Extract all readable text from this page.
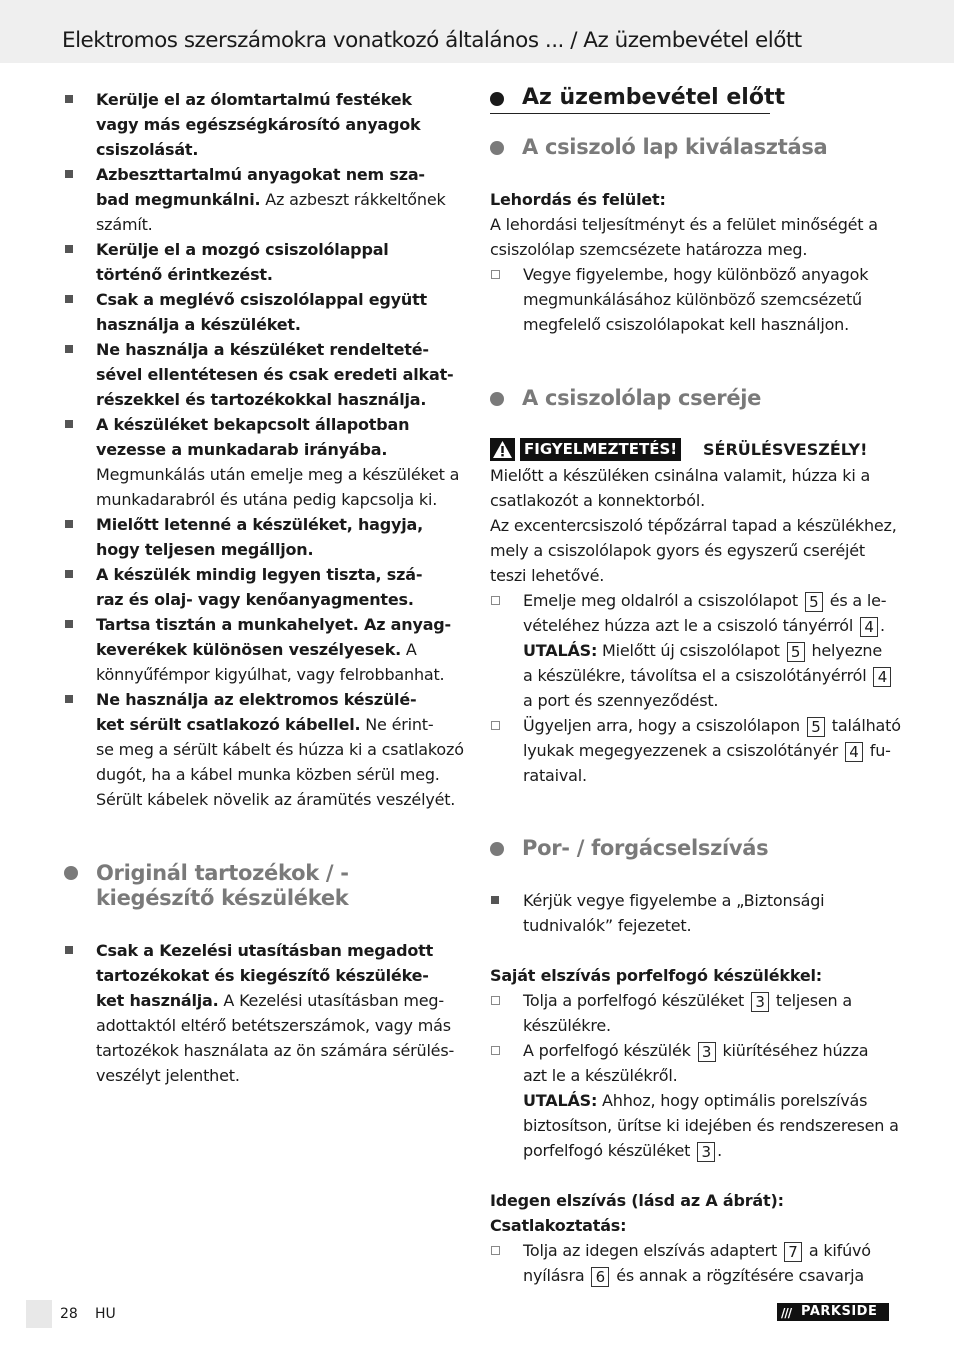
Elektromos szerszámokra vonatkozó általános ... / Az üzembevétel előtt
Kerülje el az ólomtartalmú festékek
vagy más egészségkárosító anyagok
csiszolását.
Azbeszttartalmú anyagokat nem sza-
bad megmunkálni. Az azbeszt rákkeltőnek
számít.
Kerülje el a mozgó csiszolólappal
történő érintkezést.
Csak a meglévő csiszolólappal együtt
használja a készüléket.
Ne használja a készüléket rendelteté-
sével ellentétesen és csak eredeti alkat-
részekkel és tartozékokkal használja.
A készüléket bekapcsolt állapotban
vezesse a munkadarab irányába.
Megmunkálás után emelje meg a készüléket a
munkadarabról és utána pedig kapcsolja ki.
Mielőtt letenné a készüléket, hagyja,
hogy teljesen megálljon.
A készülék mindig legyen tiszta, szá-
raz és olaj- vagy kenőanyagmentes.
Tartsa tisztán a munkahelyet. Az anyag-
keverékek különösen veszélyesek. A
könnyűfémpor kigyúlhat, vagy felrobbanhat.
Ne használja az elektromos készülé-
ket sérült csatlakozó kábellel. Ne érint-
se meg a sérült kábelt és húzza ki a csatlakozó
dugót, ha a kábel munka közben sérül meg.
Sérült kábelek növelik az áramütés veszélyét.
Csak a Kezelési utasításban megadott
tartozékokat és kiegészítő készüléke-
ket használja. A Kezelési utasításban meg-
adottaktól eltérő betétszerszámok, vagy más
tartozékok használata az ön számára sérülés-
veszélyt jelenthet.
Originál tartozékok / -
kiegészítő készülékek
Az üzembevétel előtt
A csiszoló lap kiválasztása
Lehordás és felület:
A lehordási teljesítményt és a felület minőségét a
csiszolólap szemcsézete határozza meg.
Vegye figyelembe, hogy különböző anyagok
megmunkálásához különböző szemcsézetű
megfelelő csiszolólapokat kell használjon.
A csiszolólap cseréje
FIGYELMEZTETÉS! SÉRÜLÉSVESZÉLY!
Mielőtt a készüléken csinálna valamit, húzza ki a
csatlakozót a konnektorból.
Az excentercsiszoló tépőzárral tapad a készülékhez,
mely a csiszolólapok gyors és egyszerű cseréjét
teszi lehetővé.
Emelje meg oldalról a csiszolólapot 5 és a le-
vételéhez húzza azt le a csiszoló tányérról 4 .
UTALÁS: Mielőtt új csiszolólapot 5 helyezne
a készülékre, távolítsa el a csiszolótányérról 4
a port és szennyeződést.
Ügyeljen arra, hogy a csiszolólapon 5 található
lyukak megegyezzenek a csiszolótányér 4 fu-
rataival.
Por- / forgácselszívás
Kérjük vegye figyelembe a „Biztonsági
tudnivalók” fejezetet.
Saját elszívás porfelfogó készülékkel:
Tolja a porfelfogó készüléket 3 teljesen a
készülékre.
A porfelfogó készülék 3 kiürítéséhez húzza
azt le a készülékről.
UTALÁS: Ahhoz, hogy optimális porelszívás
biztosítson, ürítse ki idejében és rendszeresen a
porfelfogó készüléket 3 .
Idegen elszívás (lásd az A ábrát):
Csatlakoztatás:
Tolja az idegen elszívás adaptert 7 a kifúvó
nyílásra 6 és annak a rögzítésére csavarja
28 HU	/// PARKSIDE
